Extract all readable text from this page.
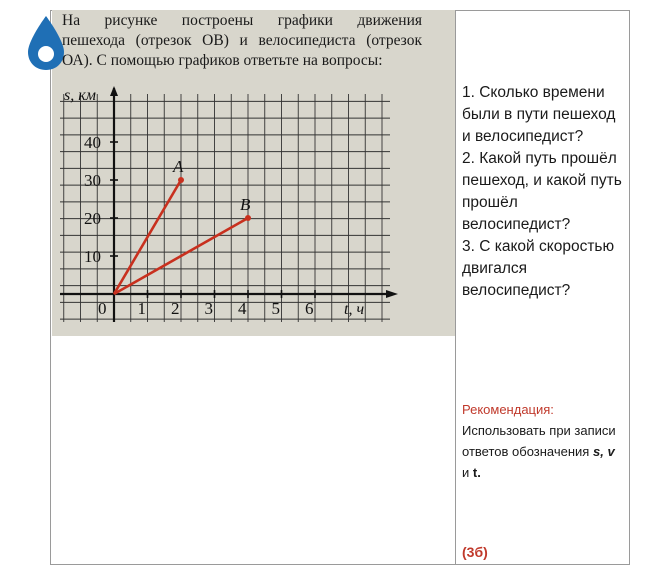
На рисунке построены графики движения
пешехода (отрезок ОВ) и велосипедиста (отрезок
ОА). С помощью графиков ответьте на вопросы:
1 2 3 4 5 6
10
20
30
40
0
s, км
t, ч
A
B
1. Сколько времени были в пути пешеход и велосипедист?
2. Какой путь прошёл пешеход, и какой путь прошёл велосипедист?
3. С какой скоростью двигался велосипедист?
Рекомендация:
Использовать при записи ответов обозначения s, v и t.
(3б)
